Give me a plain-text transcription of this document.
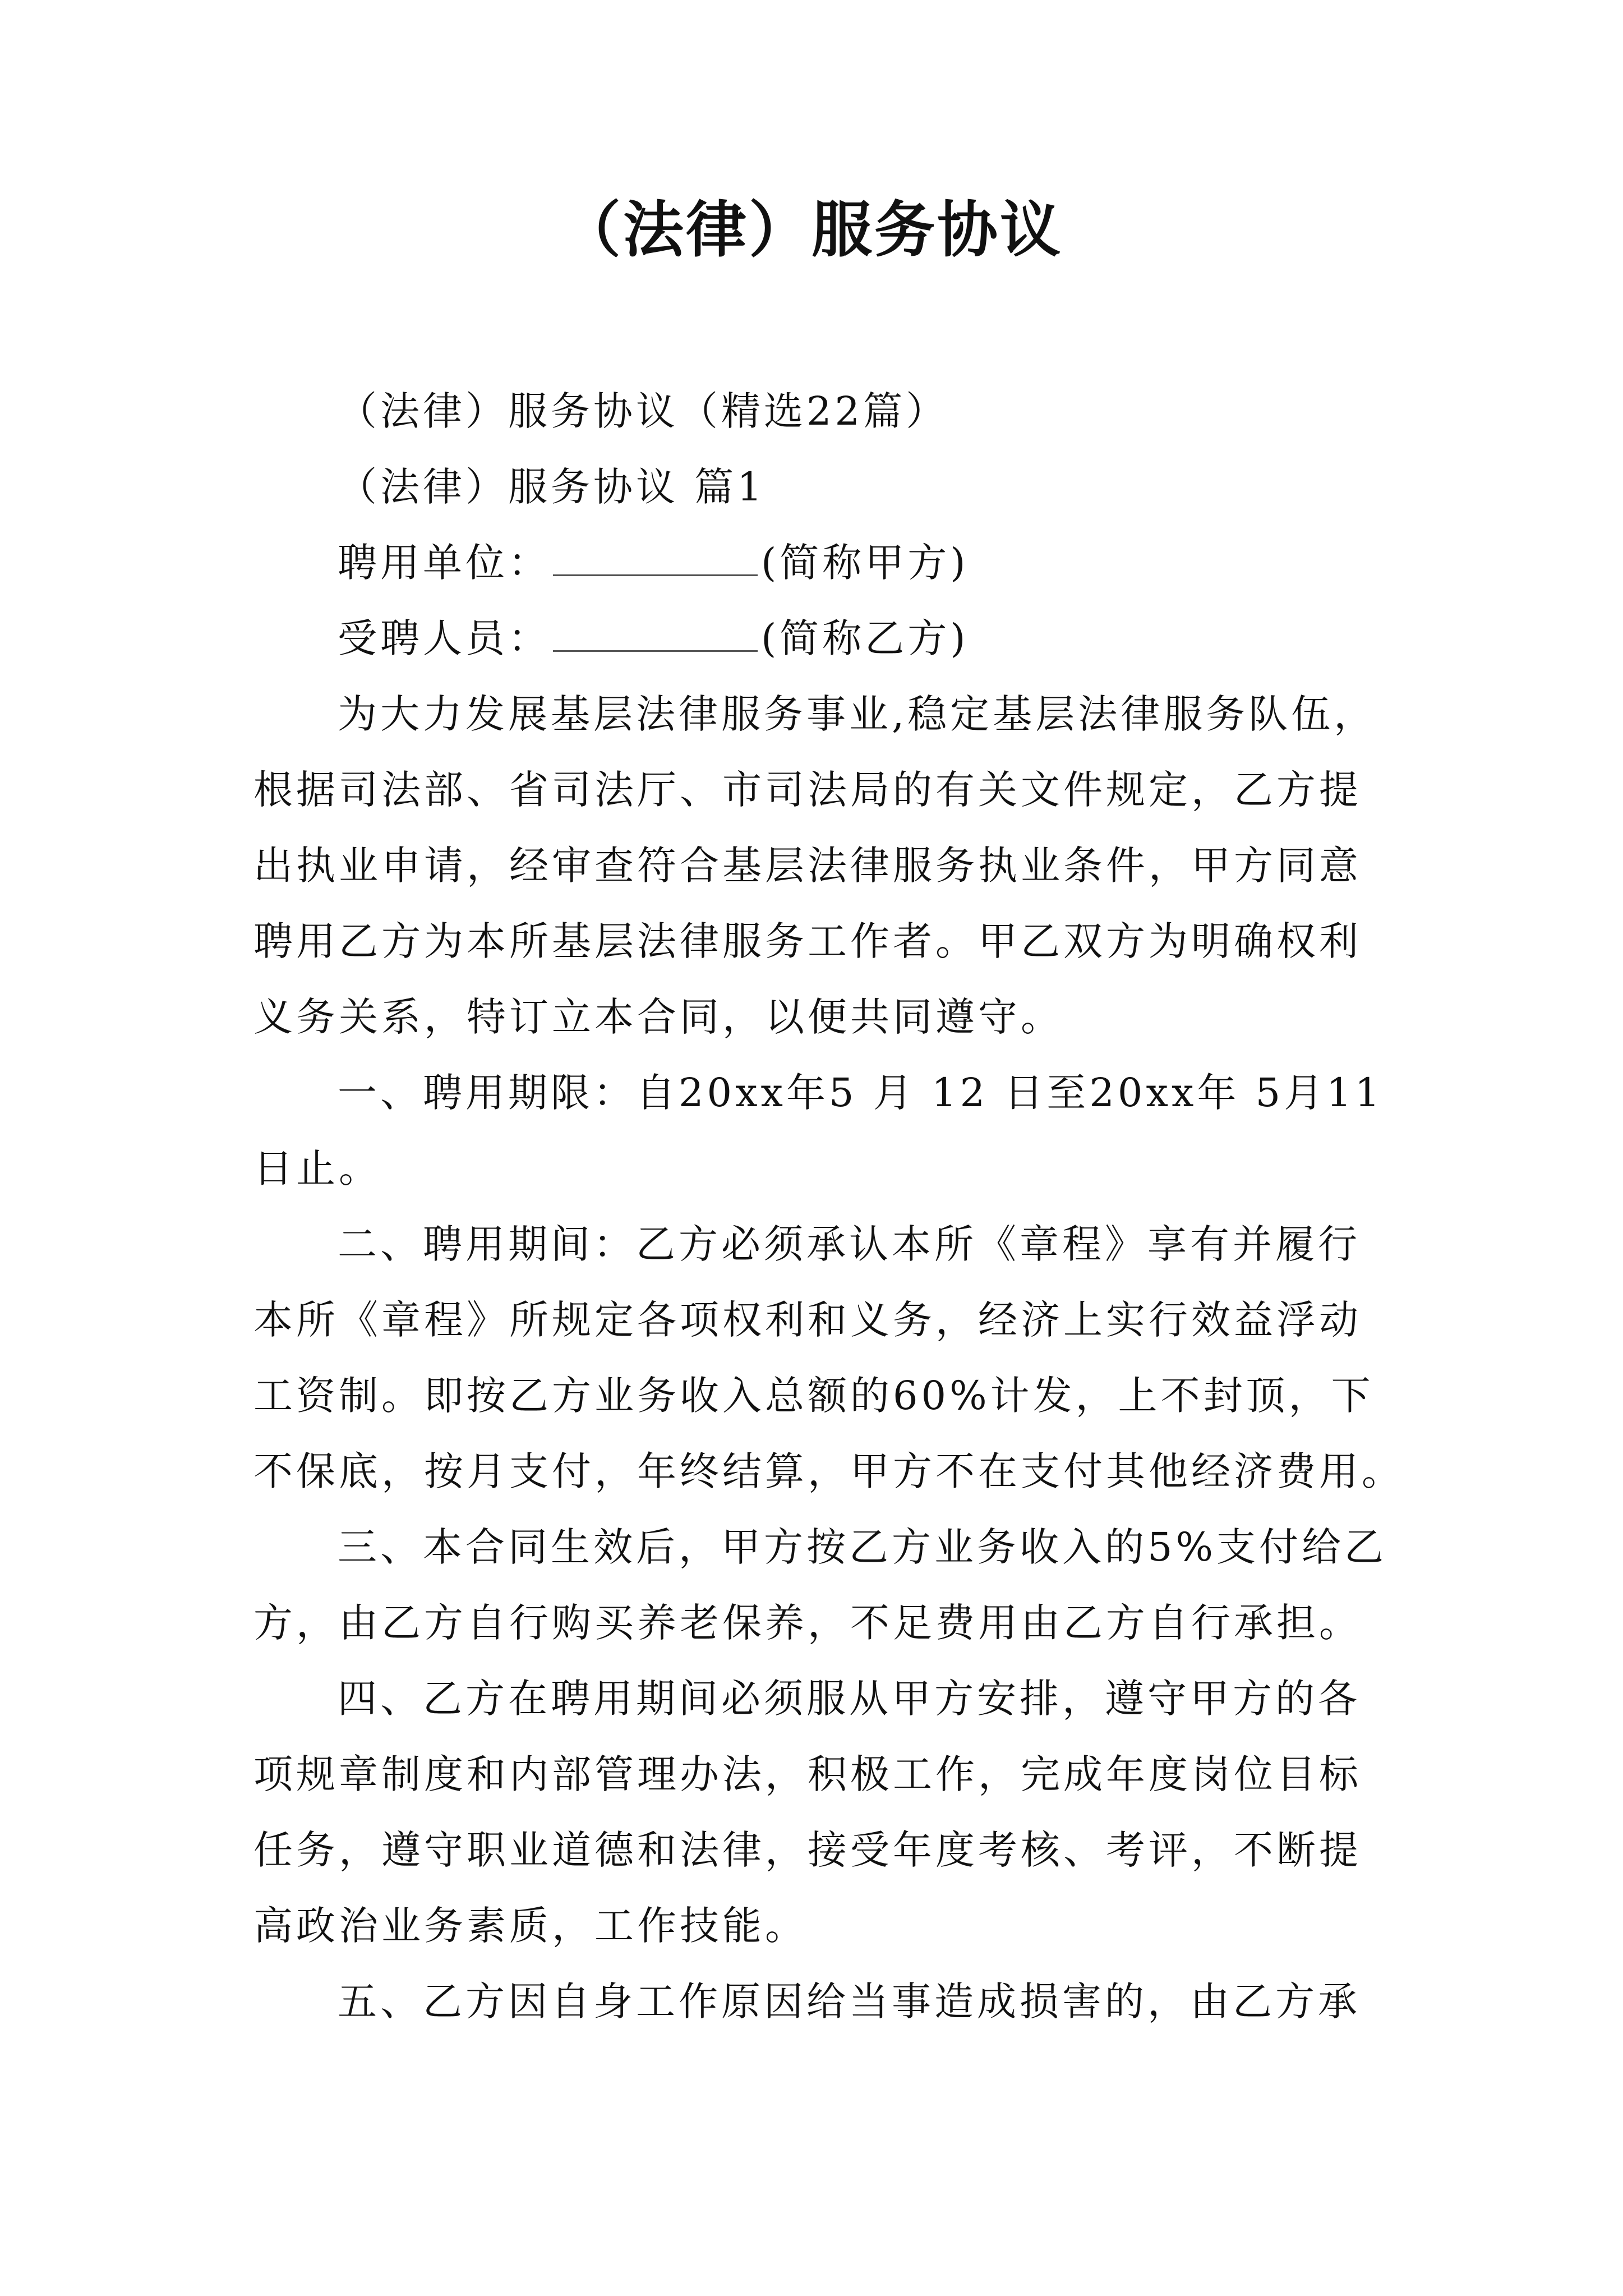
（法律）服务协议
（法律）服务协议（精选22篇）
（法律）服务协议 篇1
聘用单位：	(简称甲方)
受聘人员：	(简称乙方)
为大力发展基层法律服务事业,稳定基层法律服务队伍，
根据司法部、省司法厅、市司法局的有关文件规定，乙方提
出执业申请，经审查符合基层法律服务执业条件，甲方同意
聘用乙方为本所基层法律服务工作者。甲乙双方为明确权利
义务关系，特订立本合同，以便共同遵守。
一、聘用期限：自20xx年5 月 12 日至20xx年 5月11
日止。
二、聘用期间：乙方必须承认本所《章程》享有并履行
本所《章程》所规定各项权利和义务，经济上实行效益浮动
工资制。即按乙方业务收入总额的60%计发，上不封顶，下
不保底，按月支付，年终结算，甲方不在支付其他经济费用。
三、本合同生效后，甲方按乙方业务收入的5%支付给乙
方，由乙方自行购买养老保养，不足费用由乙方自行承担。
四、乙方在聘用期间必须服从甲方安排，遵守甲方的各
项规章制度和内部管理办法，积极工作，完成年度岗位目标
任务，遵守职业道德和法律，接受年度考核、考评，不断提
高政治业务素质，工作技能。
五、乙方因自身工作原因给当事造成损害的，由乙方承
